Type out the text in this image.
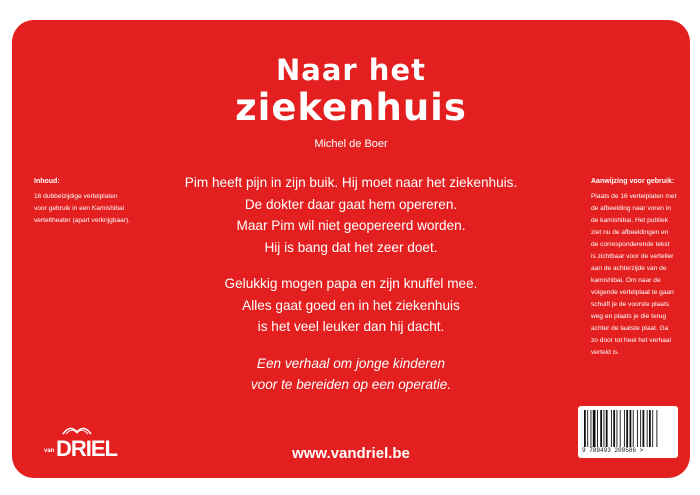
Naar het
ziekenhuis
Michel de Boer
Inhoud:
16 dubbelzijdige vertelplaten
voor gebruik in een Kamishibai
verteltheater (apart verkrijgbaar).

Pim heeft pijn in zijn buik. Hij moet naar het ziekenhuis.
De dokter daar gaat hem opereren.
Maar Pim wil niet geopereerd worden.
Hij is bang dat het zeer doet.

Gelukkig mogen papa en zijn knuffel mee.
Alles gaat goed en in het ziekenhuis
is het veel leuker dan hij dacht.

Een verhaal om jonge kinderen
voor te bereiden op een operatie.

Aanwijzing voor gebruik:
Plaats de 16 vertelplaten met
de afbeelding naar voren in
de kamishibai. Het publiek
ziet nu de afbeeldingen en
de corresponderende tekst
is zichtbaar voor de verteller
aan de achterzijde van de
kamishibai. Om naar de
volgende vertelplaat te gaan
schuift je de voorste plaats
weg en plaats je die terug
achter de laatste plaat. Ga
zo door tot heel het verhaal
verteld is.
van DRIEL	www.vandriel.be	9 789493 200586 >
